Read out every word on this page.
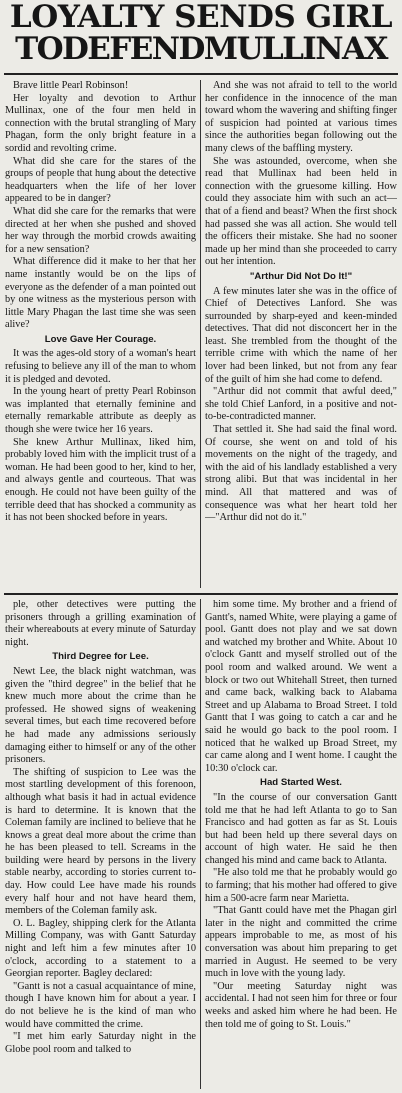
LOYALTY SENDS GIRL
TODEFENDMULLINAX

Brave little Pearl Robinson!

Her loyalty and devotion to Arthur Mullinax, one of the four men held in connection with the brutal strangling of Mary Phagan, form the only bright feature in a sordid and revolting crime.

What did she care for the stares of the groups of people that hung about the detective headquarters when the life of her lover appeared to be in danger?

What did she care for the remarks that were directed at her when she pushed and shoved her way through the morbid crowds awaiting for a new sensation?

What difference did it make to her that her name instantly would be on the lips of everyone as the defender of a man pointed out by one witness as the mysterious person with little Mary Phagan the last time she was seen alive?

Love Gave Her Courage.

It was the ages-old story of a woman's heart refusing to believe any ill of the man to whom it is pledged and devoted.

In the young heart of pretty Pearl Robinson was implanted that eternally feminine and eternally remarkable attribute as deeply as though she were twice her 16 years.

She knew Arthur Mullinax, liked him, probably loved him with the implicit trust of a woman. He had been good to her, kind to her, and always gentle and courteous. That was enough. He could not have been guilty of the terrible deed that has shocked a community as it has not been shocked before in years.

And she was not afraid to tell to the world her confidence in the innocence of the man toward whom the wavering and shifting finger of suspicion had pointed at various times since the authorities began following out the many clews of the baffling mystery.

She was astounded, overcome, when she read that Mullinax had been held in connection with the gruesome killing. How could they associate him with such an act—that of a fiend and beast? When the first shock had passed she was all action. She would tell the officers their mistake. She had no sooner made up her mind than she proceeded to carry out her intention.

"Arthur Did Not Do It!"

A few minutes later she was in the office of Chief of Detectives Lanford. She was surrounded by sharp-eyed and keen-minded detectives. That did not disconcert her in the least. She trembled from the thought of the terrible crime with which the name of her lover had been linked, but not from any fear of the guilt of him she had come to defend.

"Arthur did not commit that awful deed," she told Chief Lanford, in a positive and not-to-be-contradicted manner.

That settled it. She had said the final word. Of course, she went on and told of his movements on the night of the tragedy, and with the aid of his landlady established a very strong alibi. But that was incidental in her mind. All that mattered and was of consequence was what her heart told her—"Arthur did not do it."

ple, other detectives were putting the prisoners through a grilling examination of their whereabouts at every minute of Saturday night.

Third Degree for Lee.

Newt Lee, the black night watchman, was given the "third degree" in the belief that he knew much more about the crime than he professed. He showed signs of weakening several times, but each time recovered before he had made any admissions seriously damaging either to himself or any of the other prisoners.

The shifting of suspicion to Lee was the most startling development of this forenoon, although what basis it had in actual evidence is hard to determine. It is known that the Coleman family are inclined to believe that he knows a great deal more about the crime than he has been pleased to tell. Screams in the building were heard by persons in the livery stable nearby, according to stories current to-day. How could Lee have made his rounds every half hour and not have heard them, members of the Coleman family ask.

O. L. Bagley, shipping clerk for the Atlanta Milling Company, was with Gantt Saturday night and left him a few minutes after 10 o'clock, according to a statement to a Georgian reporter. Bagley declared:

"Gantt is not a casual acquaintance of mine, though I have known him for about a year. I do not believe he is the kind of man who would have committed the crime.

"I met him early Saturday night in the Globe pool room and talked to

him some time. My brother and a friend of Gantt's, named White, were playing a game of pool. Gantt does not play and we sat down and watched my brother and White. About 10 o'clock Gantt and myself strolled out of the pool room and walked around. We went a block or two out Whitehall Street, then turned and came back, walking back to Alabama Street and up Alabama to Broad Street. I told Gantt that I was going to catch a car and he said he would go back to the pool room. I noticed that he walked up Broad Street, my car came along and I went home. I caught the 10:30 o'clock car.

Had Started West.

"In the course of our conversation Gantt told me that he had left Atlanta to go to San Francisco and had gotten as far as St. Louis but had been held up there several days on account of high water. He said he then changed his mind and came back to Atlanta.

"He also told me that he probably would go to farming; that his mother had offered to give him a 500-acre farm near Marietta.

"That Gantt could have met the Phagan girl later in the night and committed the crime appears improbable to me, as most of his conversation was about him preparing to get married in August. He seemed to be very much in love with the young lady.

"Our meeting Saturday night was accidental. I had not seen him for three or four weeks and asked him where he had been. He then told me of going to St. Louis."
